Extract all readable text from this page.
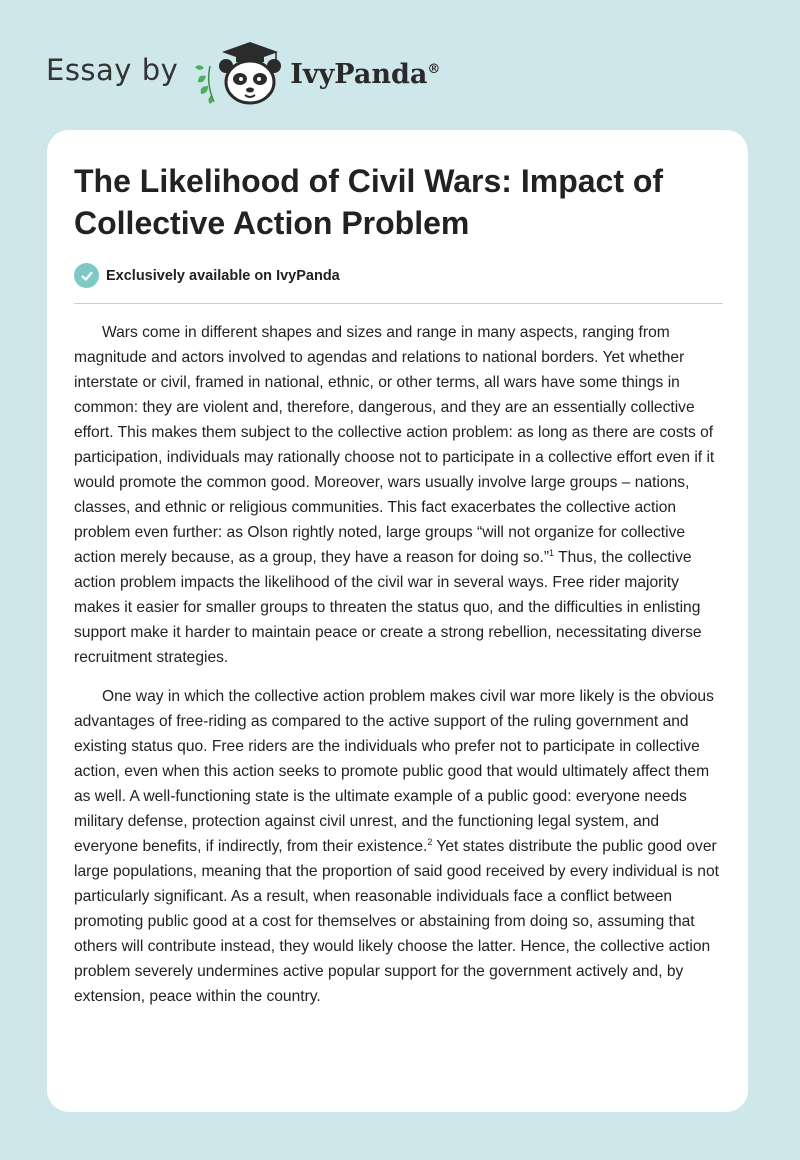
Essay by	IvyPanda®
The Likelihood of Civil Wars: Impact of Collective Action Problem
Exclusively available on IvyPanda

Wars come in different shapes and sizes and range in many aspects, ranging from magnitude and actors involved to agendas and relations to national borders. Yet whether interstate or civil, framed in national, ethnic, or other terms, all wars have some things in common: they are violent and, therefore, dangerous, and they are an essentially collective effort. This makes them subject to the collective action problem: as long as there are costs of participation, individuals may rationally choose not to participate in a collective effort even if it would promote the common good. Moreover, wars usually involve large groups – nations, classes, and ethnic or religious communities. This fact exacerbates the collective action problem even further: as Olson rightly noted, large groups “will not organize for collective action merely because, as a group, they have a reason for doing so.”$^1$ Thus, the collective action problem impacts the likelihood of the civil war in several ways. Free rider majority makes it easier for smaller groups to threaten the status quo, and the difficulties in enlisting support make it harder to maintain peace or create a strong rebellion, necessitating diverse recruitment strategies.

One way in which the collective action problem makes civil war more likely is the obvious advantages of free-riding as compared to the active support of the ruling government and existing status quo. Free riders are the individuals who prefer not to participate in collective action, even when this action seeks to promote public good that would ultimately affect them as well. A well-functioning state is the ultimate example of a public good: everyone needs military defense, protection against civil unrest, and the functioning legal system, and everyone benefits, if indirectly, from their existence.$^2$ Yet states distribute the public good over large populations, meaning that the proportion of said good received by every individual is not particularly significant. As a result, when reasonable individuals face a conflict between promoting public good at a cost for themselves or abstaining from doing so, assuming that others will contribute instead, they would likely choose the latter. Hence, the collective action problem severely undermines active popular support for the government actively and, by extension, peace within the country.
